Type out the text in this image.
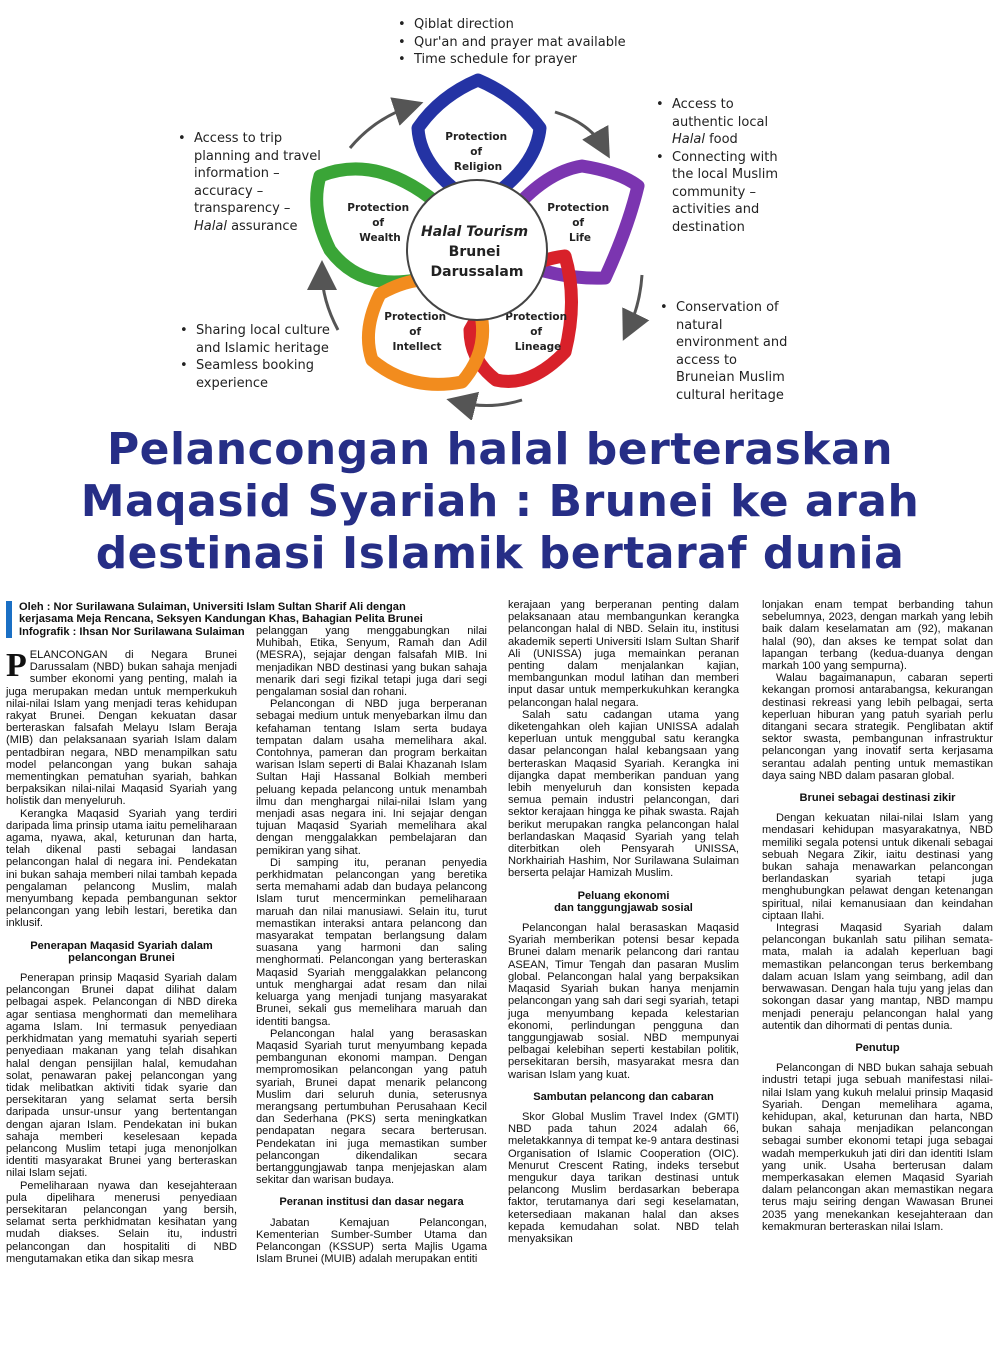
Protection of Religion
Protection of Life
Protection of Lineage
Protection of Intellect
Protection of Wealth	Halal Tourism Brunei Darussalam
• Qiblat direction
• Qur'an and prayer mat available
• Time schedule for prayer
• Access to
authentic local
Halal food
• Connecting with
the local Muslim
community –
activities and
destination
• Access to trip
planning and travel
information –
accuracy –
transparency –
Halal assurance
• Sharing local culture
and Islamic heritage
• Seamless booking
experience
• Conservation of
natural
environment and
access to
Bruneian Muslim
cultural heritage
Pelancongan halal berteraskan
Maqasid Syariah : Brunei ke arah
destinasi Islamik bertaraf dunia
Oleh : Nor Surilawana Sulaiman, Universiti Islam Sultan Sharif Ali dengan
kerjasama Meja Rencana, Seksyen Kandungan Khas, Bahagian Pelita Brunei
Infografik : Ihsan Nor Surilawana Sulaiman

PELANCONGAN di Negara Brunei Darussalam (NBD) bukan sahaja menjadi sumber ekonomi yang penting, malah ia juga merupakan medan untuk memperkukuh nilai-nilai Islam yang menjadi teras kehidupan rakyat Brunei. Dengan kekuatan dasar berteraskan falsafah Melayu Islam Beraja (MIB) dan pelaksanaan syariah Islam dalam pentadbiran negara, NBD menampilkan satu model pelancongan yang bukan sahaja mementingkan pematuhan syariah, bahkan berpaksikan nilai-nilai Maqasid Syariah yang holistik dan menyeluruh.

Kerangka Maqasid Syariah yang terdiri daripada lima prinsip utama iaitu pemeliharaan agama, nyawa, akal, keturunan dan harta, telah dikenal pasti sebagai landasan pelancongan halal di negara ini. Pendekatan ini bukan sahaja memberi nilai tambah kepada pengalaman pelancong Muslim, malah menyumbang kepada pembangunan sektor pelancongan yang lebih lestari, beretika dan inklusif.

Penerapan Maqasid Syariah dalam pelancongan Brunei

Penerapan prinsip Maqasid Syariah dalam pelancongan Brunei dapat dilihat dalam pelbagai aspek. Pelancongan di NBD direka agar sentiasa menghormati dan memelihara agama Islam. Ini termasuk penyediaan perkhidmatan yang mematuhi syariah seperti penyediaan makanan yang telah disahkan halal dengan pensijilan halal, kemudahan solat, penawaran pakej pelancongan yang tidak melibatkan aktiviti tidak syarie dan persekitaran yang selamat serta bersih daripada unsur-unsur yang bertentangan dengan ajaran Islam. Pendekatan ini bukan sahaja memberi keselesaan kepada pelancong Muslim tetapi juga menonjolkan identiti masyarakat Brunei yang berteraskan nilai Islam sejati.

Pemeliharaan nyawa dan kesejahteraan pula dipelihara menerusi penyediaan persekitaran pelancongan yang bersih, selamat serta perkhidmatan kesihatan yang mudah diakses. Selain itu, industri pelancongan dan hospitaliti di NBD mengutamakan etika dan sikap mesra

pelanggan yang menggabungkan nilai Muhibah, Etika, Senyum, Ramah dan Adil (MESRA), sejajar dengan falsafah MIB. Ini menjadikan NBD destinasi yang bukan sahaja menarik dari segi fizikal tetapi juga dari segi pengalaman sosial dan rohani.

Pelancongan di NBD juga berperanan sebagai medium untuk menyebarkan ilmu dan kefahaman tentang Islam serta budaya tempatan dalam usaha memelihara akal. Contohnya, pameran dan program berkaitan warisan Islam seperti di Balai Khazanah Islam Sultan Haji Hassanal Bolkiah memberi peluang kepada pelancong untuk menambah ilmu dan menghargai nilai-nilai Islam yang menjadi asas negara ini. Ini sejajar dengan tujuan Maqasid Syariah memelihara akal dengan menggalakkan pembelajaran dan pemikiran yang sihat.

Di samping itu, peranan penyedia perkhidmatan pelancongan yang beretika serta memahami adab dan budaya pelancong Islam turut mencerminkan pemeliharaan maruah dan nilai manusiawi. Selain itu, turut memastikan interaksi antara pelancong dan masyarakat tempatan berlangsung dalam suasana yang harmoni dan saling menghormati. Pelancongan yang berteraskan Maqasid Syariah menggalakkan pelancong untuk menghargai adat resam dan nilai keluarga yang menjadi tunjang masyarakat Brunei, sekali gus memelihara maruah dan identiti bangsa.

Pelancongan halal yang berasaskan Maqasid Syariah turut menyumbang kepada pembangunan ekonomi mampan. Dengan mempromosikan pelancongan yang patuh syariah, Brunei dapat menarik pelancong Muslim dari seluruh dunia, seterusnya merangsang pertumbuhan Perusahaan Kecil dan Sederhana (PKS) serta meningkatkan pendapatan negara secara berterusan. Pendekatan ini juga memastikan sumber pelancongan dikendalikan secara bertanggungjawab tanpa menjejaskan alam sekitar dan warisan budaya.

Peranan institusi dan dasar negara

Jabatan Kemajuan Pelancongan, Kementerian Sumber-Sumber Utama dan Pelancongan (KSSUP) serta Majlis Ugama Islam Brunei (MUIB) adalah merupakan entiti

kerajaan yang berperanan penting dalam pelaksanaan atau membangunkan kerangka pelancongan halal di NBD. Selain itu, institusi akademik seperti Universiti Islam Sultan Sharif Ali (UNISSA) juga memainkan peranan penting dalam menjalankan kajian, membangunkan modul latihan dan memberi input dasar untuk memperkukuhkan kerangka pelancongan halal negara.

Salah satu cadangan utama yang diketengahkan oleh kajian UNISSA adalah keperluan untuk menggubal satu kerangka dasar pelancongan halal kebangsaan yang berteraskan Maqasid Syariah. Kerangka ini dijangka dapat memberikan panduan yang lebih menyeluruh dan konsisten kepada semua pemain industri pelancongan, dari sektor kerajaan hingga ke pihak swasta. Rajah berikut merupakan rangka pelancongan halal berlandaskan Maqasid Syariah yang telah diterbitkan oleh Pensyarah UNISSA, Norkhairiah Hashim, Nor Surilawana Sulaiman berserta pelajar Hamizah Muslim.

Peluang ekonomi
dan tanggungjawab sosial

Pelancongan halal berasaskan Maqasid Syariah memberikan potensi besar kepada Brunei dalam menarik pelancong dari rantau ASEAN, Timur Tengah dan pasaran Muslim global. Pelancongan halal yang berpaksikan Maqasid Syariah bukan hanya menjamin pelancongan yang sah dari segi syariah, tetapi juga menyumbang kepada kelestarian ekonomi, perlindungan pengguna dan tanggungjawab sosial. NBD mempunyai pelbagai kelebihan seperti kestabilan politik, persekitaran bersih, masyarakat mesra dan warisan Islam yang kuat.

Sambutan pelancong dan cabaran

Skor Global Muslim Travel Index (GMTI) NBD pada tahun 2024 adalah 66, meletakkannya di tempat ke-9 antara destinasi Organisation of Islamic Cooperation (OIC). Menurut Crescent Rating, indeks tersebut mengukur daya tarikan destinasi untuk pelancong Muslim berdasarkan beberapa faktor, terutamanya dari segi keselamatan, ketersediaan makanan halal dan akses kepada kemudahan solat. NBD telah menyaksikan

lonjakan enam tempat berbanding tahun sebelumnya, 2023, dengan markah yang lebih baik dalam keselamatan am (92), makanan halal (90), dan akses ke tempat solat dan lapangan terbang (kedua-duanya dengan markah 100 yang sempurna).

Walau bagaimanapun, cabaran seperti kekangan promosi antarabangsa, kekurangan destinasi rekreasi yang lebih pelbagai, serta keperluan hiburan yang patuh syariah perlu ditangani secara strategik. Penglibatan aktif sektor swasta, pembangunan infrastruktur pelancongan yang inovatif serta kerjasama serantau adalah penting untuk memastikan daya saing NBD dalam pasaran global.

Brunei sebagai destinasi zikir

Dengan kekuatan nilai-nilai Islam yang mendasari kehidupan masyarakatnya, NBD memiliki segala potensi untuk dikenali sebagai sebuah Negara Zikir, iaitu destinasi yang bukan sahaja menawarkan pelancongan berlandaskan syariah tetapi juga menghubungkan pelawat dengan ketenangan spiritual, nilai kemanusiaan dan keindahan ciptaan Ilahi.

Integrasi Maqasid Syariah dalam pelancongan bukanlah satu pilihan semata-mata, malah ia adalah keperluan bagi memastikan pelancongan terus berkembang dalam acuan Islam yang seimbang, adil dan berwawasan. Dengan hala tuju yang jelas dan sokongan dasar yang mantap, NBD mampu menjadi peneraju pelancongan halal yang autentik dan dihormati di pentas dunia.

Penutup

Pelancongan di NBD bukan sahaja sebuah industri tetapi juga sebuah manifestasi nilai-nilai Islam yang kukuh melalui prinsip Maqasid Syariah. Dengan memelihara agama, kehidupan, akal, keturunan dan harta, NBD bukan sahaja menjadikan pelancongan sebagai sumber ekonomi tetapi juga sebagai wadah memperkukuh jati diri dan identiti Islam yang unik. Usaha berterusan dalam memperkasakan elemen Maqasid Syariah dalam pelancongan akan memastikan negara terus maju seiring dengan Wawasan Brunei 2035 yang menekankan kesejahteraan dan kemakmuran berteraskan nilai Islam.
